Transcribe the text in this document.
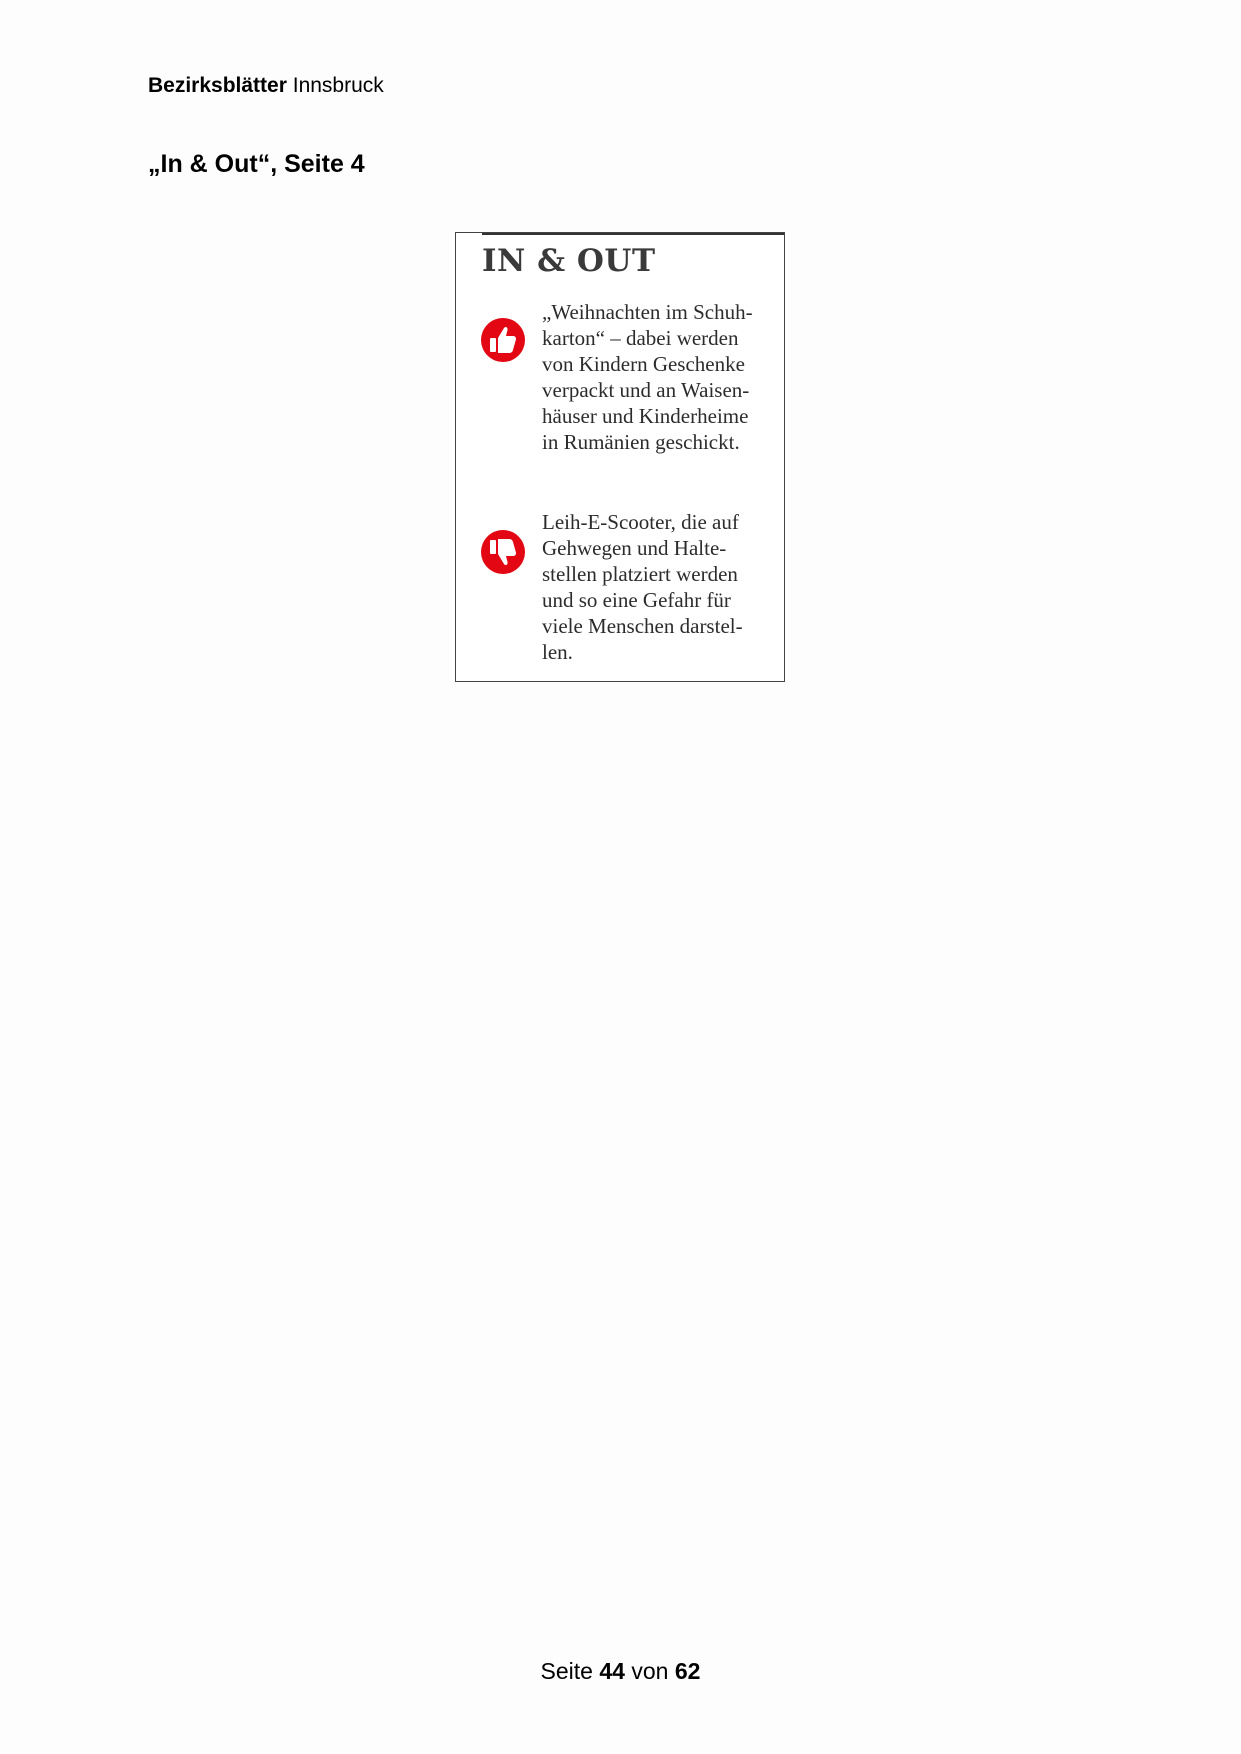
Bezirksblätter Innsbruck
„In & Out“, Seite 4
IN & OUT
„Weihnachten im Schuh-
karton“ – dabei werden
von Kindern Geschenke
verpackt und an Waisen-
häuser und Kinderheime
in Rumänien geschickt.
Leih-E-Scooter, die auf
Gehwegen und Halte-
stellen platziert werden
und so eine Gefahr für
viele Menschen darstel-
len.
Seite 44 von 62
